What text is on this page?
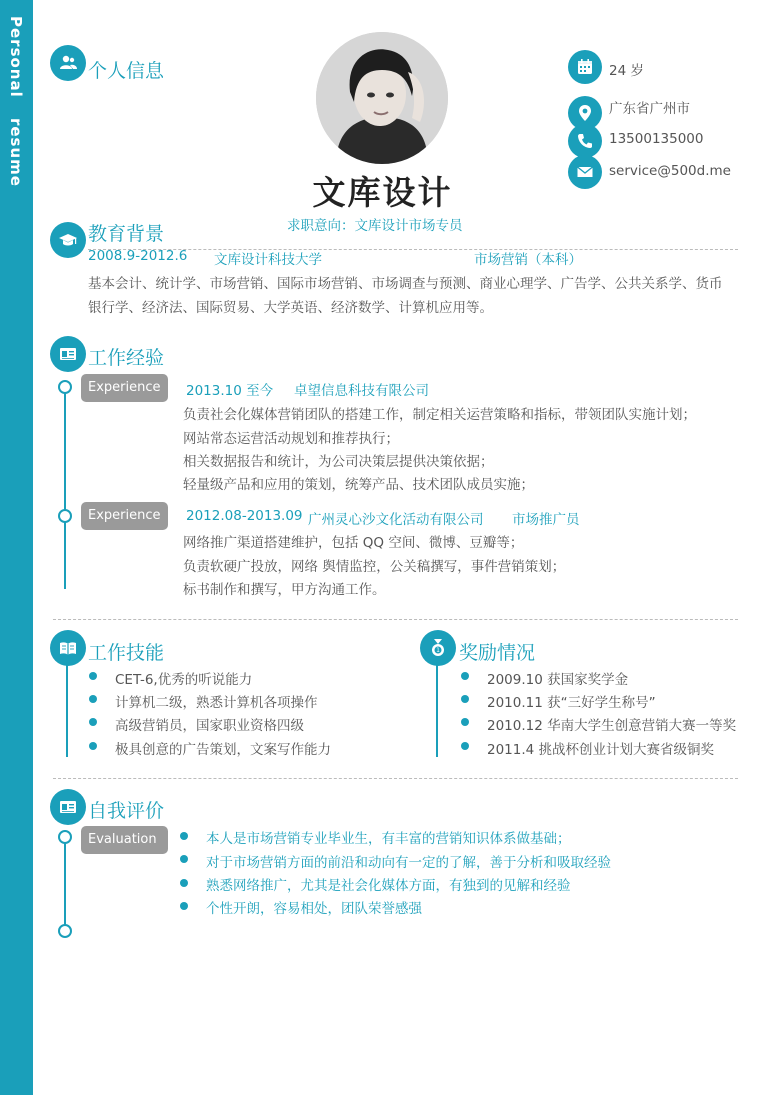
Personal resume	个人信息
文库设计
求职意向：文库设计市场专员
24 岁
广东省广州市
13500135000
service@500d.me
教育背景
2008.9-2012.6 文库设计科技大学	市场营销（本科）
基本会计、统计学、市场营销、国际市场营销、市场调查与预测、商业心理学、广告学、公共关系学、货币
银行学、经济法、国际贸易、大学英语、经济数学、计算机应用等。
工作经验
Experience	2013.10 至今 卓望信息科技有限公司
负责社会化媒体营销团队的搭建工作，制定相关运营策略和指标，带领团队实施计划；
网站常态运营活动规划和推荐执行；
相关数据报告和统计，为公司决策层提供决策依据；
轻量级产品和应用的策划，统筹产品、技术团队成员实施；
Experience	2012.08-2013.09 广州灵心沙文化活动有限公司 市场推广员
网络推广渠道搭建维护，包括 QQ 空间、微博、豆瓣等；
负责软硬广投放，网络 舆情监控，公关稿撰写，事件营销策划；
标书制作和撰写，甲方沟通工作。
工作技能
CET-6,优秀的听说能力
计算机二级，熟悉计算机各项操作
高级营销员，国家职业资格四级
极具创意的广告策划，文案写作能力
1 奖励情况
2009.10 获国家奖学金
2010.11 获“三好学生称号”
2010.12 华南大学生创意营销大赛一等奖
2011.4 挑战杯创业计划大赛省级铜奖
自我评价
Evaluation	本人是市场营销专业毕业生，有丰富的营销知识体系做基础；
对于市场营销方面的前沿和动向有一定的了解，善于分析和吸取经验
熟悉网络推广，尤其是社会化媒体方面，有独到的见解和经验
个性开朗，容易相处，团队荣誉感强
